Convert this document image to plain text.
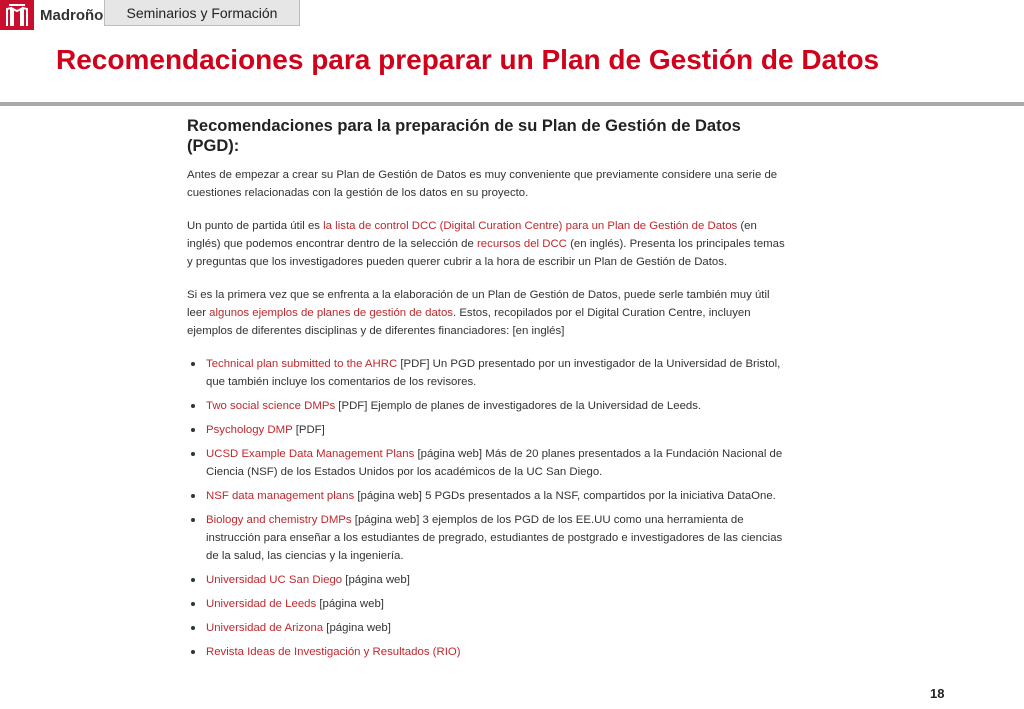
Madroño	Seminarios y Formación
Recomendaciones para preparar un Plan de Gestión de Datos
Recomendaciones para la preparación de su Plan de Gestión de Datos (PGD):

Antes de empezar a crear su Plan de Gestión de Datos es muy conveniente que previamente considere una serie de cuestiones relacionadas con la gestión de los datos en su proyecto.

Un punto de partida útil es la lista de control DCC (Digital Curation Centre) para un Plan de Gestión de Datos (en inglés) que podemos encontrar dentro de la selección de recursos del DCC (en inglés). Presenta los principales temas y preguntas que los investigadores pueden querer cubrir a la hora de escribir un Plan de Gestión de Datos.

Si es la primera vez que se enfrenta a la elaboración de un Plan de Gestión de Datos, puede serle también muy útil leer algunos ejemplos de planes de gestión de datos. Estos, recopilados por el Digital Curation Centre, incluyen ejemplos de diferentes disciplinas y de diferentes financiadores: [en inglés]

Technical plan submitted to the AHRC [PDF] Un PGD presentado por un investigador de la Universidad de Bristol, que también incluye los comentarios de los revisores.
Two social science DMPs [PDF] Ejemplo de planes de investigadores de la Universidad de Leeds.
Psychology DMP [PDF]
UCSD Example Data Management Plans [página web] Más de 20 planes presentados a la Fundación Nacional de Ciencia (NSF) de los Estados Unidos por los académicos de la UC San Diego.
NSF data management plans [página web] 5 PGDs presentados a la NSF, compartidos por la iniciativa DataOne.
Biology and chemistry DMPs [página web] 3 ejemplos de los PGD de los EE.UU como una herramienta de instrucción para enseñar a los estudiantes de pregrado, estudiantes de postgrado e investigadores de las ciencias de la salud, las ciencias y la ingeniería.
Universidad UC San Diego [página web]
Universidad de Leeds [página web]
Universidad de Arizona [página web]
Revista Ideas de Investigación y Resultados (RIO)
18
